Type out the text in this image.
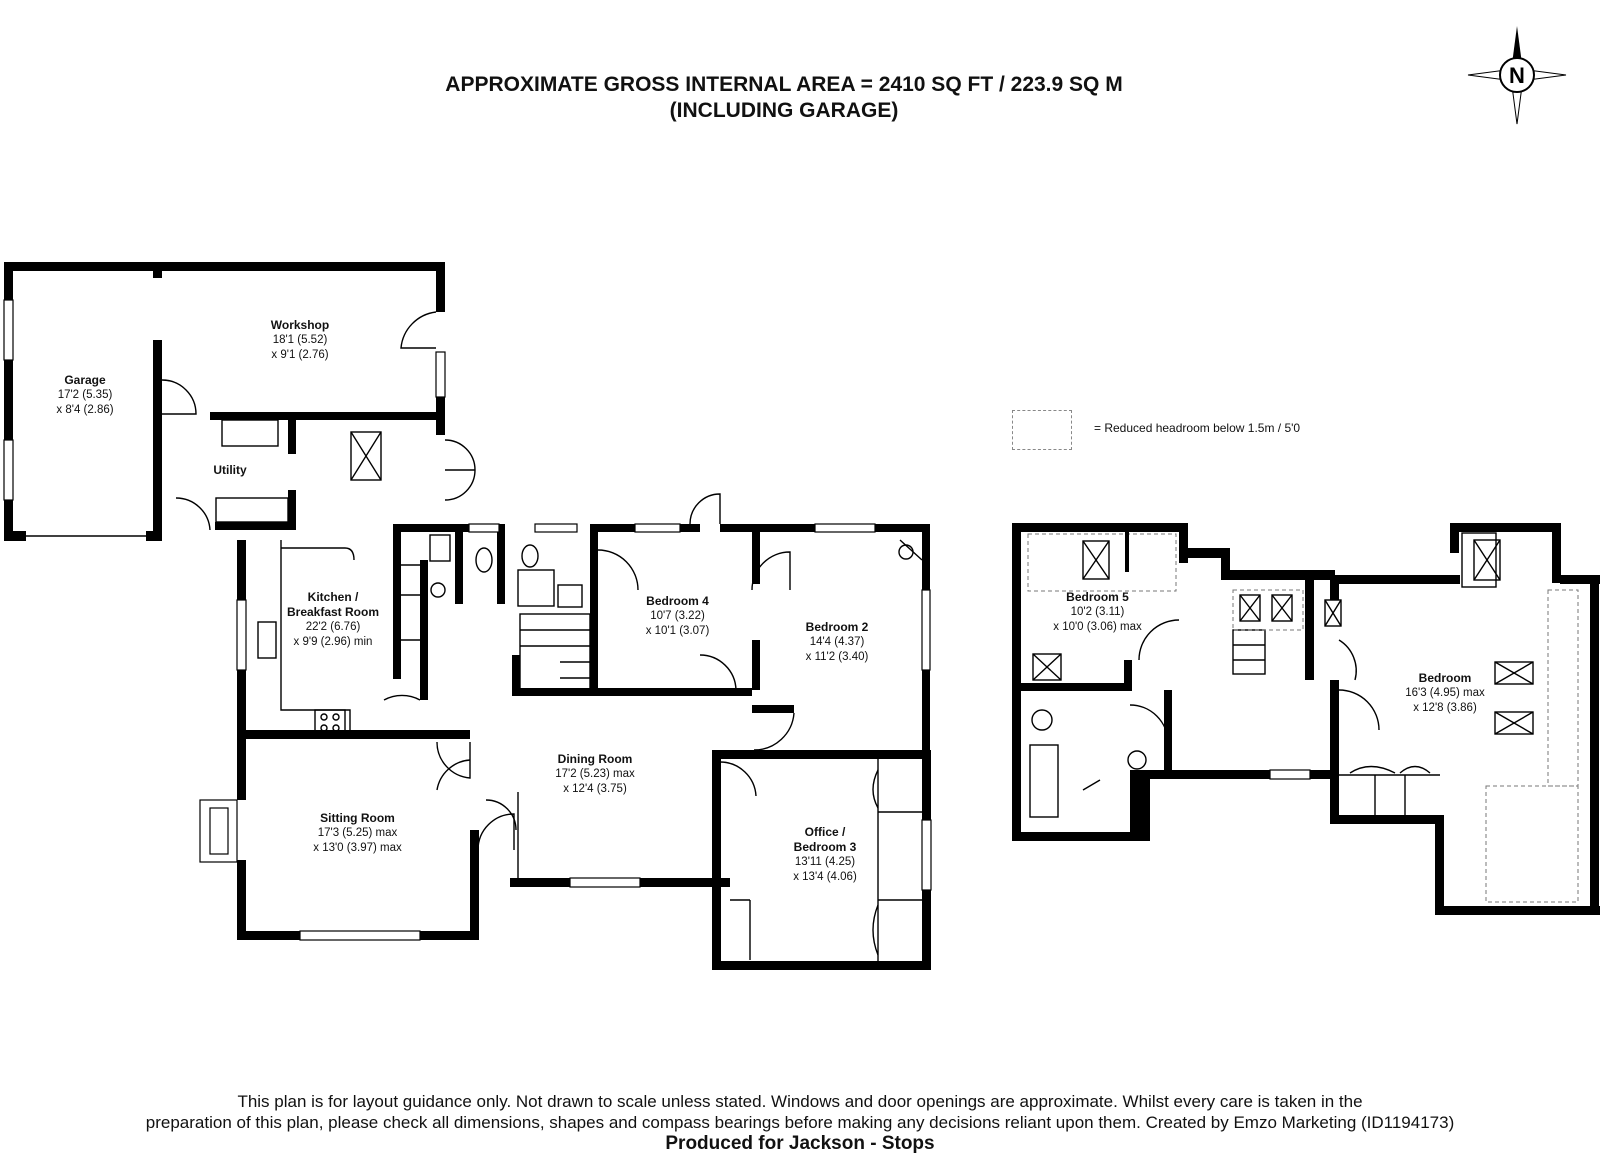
APPROXIMATE GROSS INTERNAL AREA = 2410 SQ FT / 223.9 SQ M
(INCLUDING GARAGE)
N
= Reduced headroom below 1.5m / 5'0
Garage
17'2 (5.35)
x 8'4 (2.86)
Workshop
18'1 (5.52)
x 9'1 (2.76)
Utility
Kitchen /
Breakfast Room
22'2 (6.76)
x 9'9 (2.96) min
Bedroom 4
10'7 (3.22)
x 10'1 (3.07)	Bedroom 2
14'4 (4.37)
x 11'2 (3.40)
Dining Room
17'2 (5.23) max
x 12'4 (3.75)
Sitting Room
17'3 (5.25) max
x 13'0 (3.97) max
Office /
Bedroom 3
13'11 (4.25)
x 13'4 (4.06)
Bedroom 5
10'2 (3.11)
x 10'0 (3.06) max
Bedroom
16'3 (4.95) max
x 12'8 (3.86)
This plan is for layout guidance only. Not drawn to scale unless stated. Windows and door openings are approximate. Whilst every care is taken in the
preparation of this plan, please check all dimensions, shapes and compass bearings before making any decisions reliant upon them. Created by Emzo Marketing (ID1194173)
Produced for Jackson - Stops
